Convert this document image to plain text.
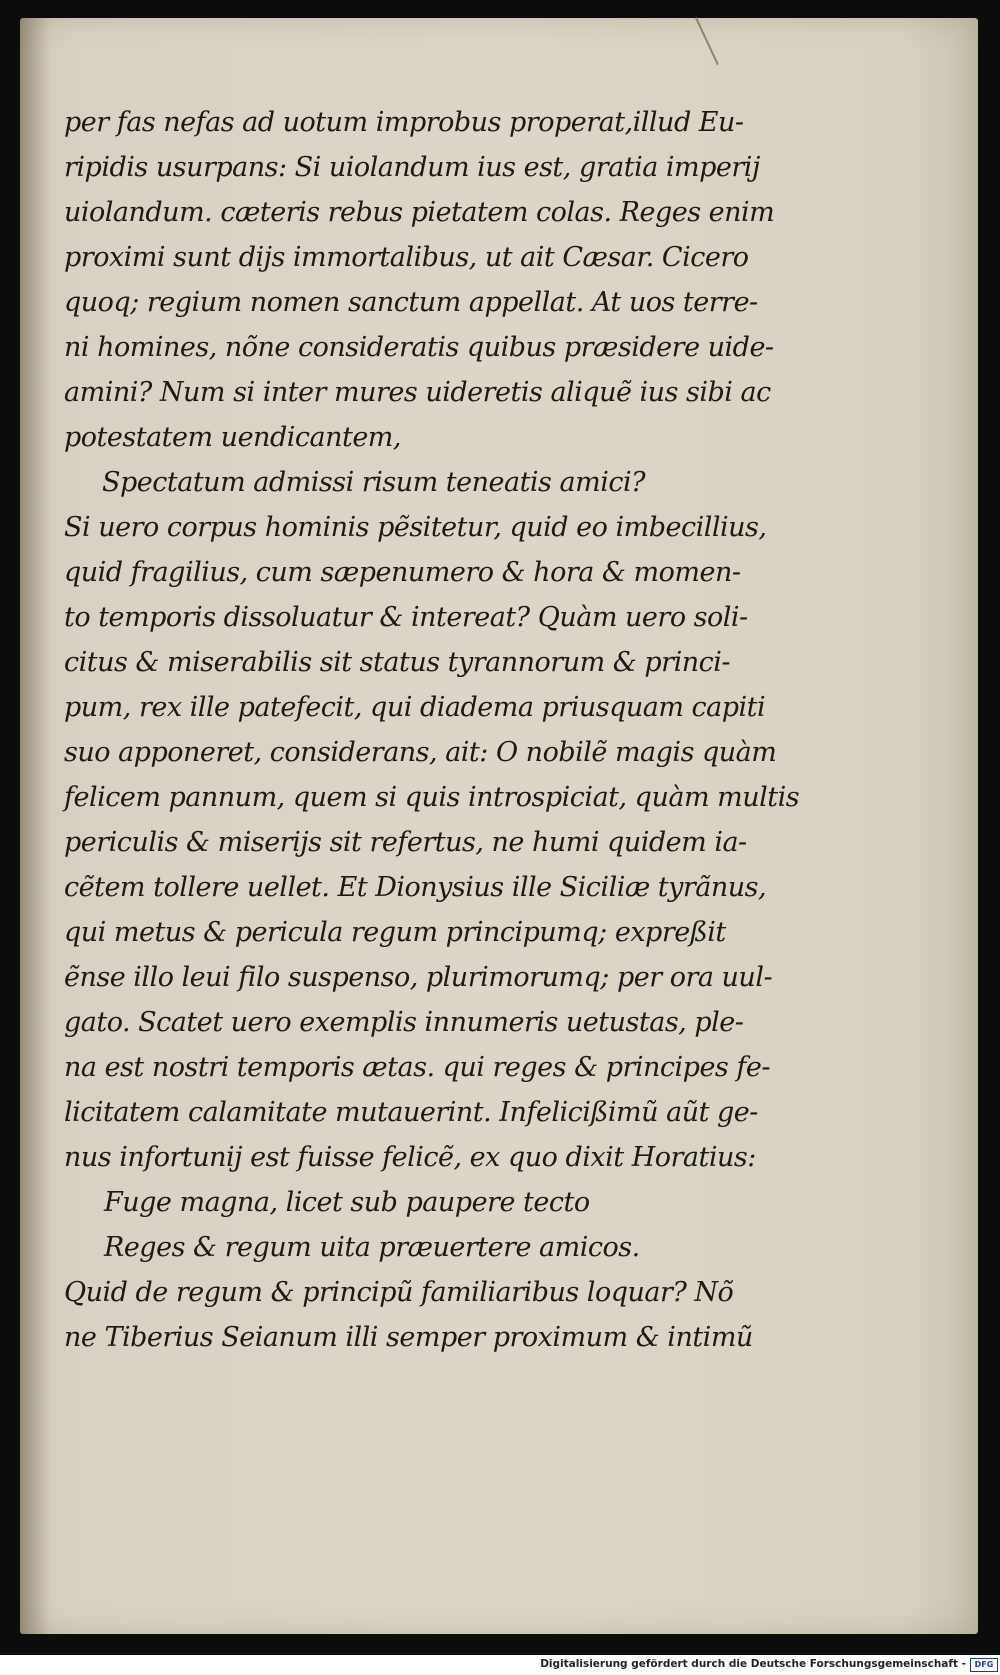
per fas nefas ad uotum improbus properat,illud Eu-
ripidis usurpans: Si uiolandum ius est, gratia imperij
uiolandum. cæteris rebus pietatem colas. Reges enim
proximi sunt dijs immortalibus, ut ait Cæsar. Cicero
quoq; regium nomen sanctum appellat. At uos terre-
ni homines, nõne consideratis quibus præsidere uide-
amini? Num si inter mures uideretis aliquẽ ius sibi ac
potestatem uendicantem,
Spectatum admissi risum teneatis amici?
Si uero corpus hominis pẽsitetur, quid eo imbecillius,
quid fragilius, cum sæpenumero & hora & momen-
to temporis dissoluatur & intereat? Quàm uero soli-
citus & miserabilis sit status tyrannorum & princi-
pum, rex ille patefecit, qui diadema priusquam capiti
suo apponeret, considerans, ait: O nobilẽ magis quàm
felicem pannum, quem si quis introspiciat, quàm multis
periculis & miserijs sit refertus, ne humi quidem ia-
cẽtem tollere uellet. Et Dionysius ille Siciliæ tyrãnus,
qui metus & pericula regum principumq; expreßit
ẽnse illo leui filo suspenso, plurimorumq; per ora uul-
gato. Scatet uero exemplis innumeris uetustas, ple-
na est nostri temporis ætas. qui reges & principes fe-
licitatem calamitate mutauerint. Infelicißimũ aũt ge-
nus infortunij est fuisse felicẽ, ex quo dixit Horatius:
Fuge magna, licet sub paupere tecto
Reges & regum uita præuertere amicos.
Quid de regum & principũ familiaribus loquar? Nõ
ne Tiberius Seianum illi semper proximum & intimũ
Digitalisierung gefördert durch die Deutsche Forschungsgemeinschaft -	DFG
